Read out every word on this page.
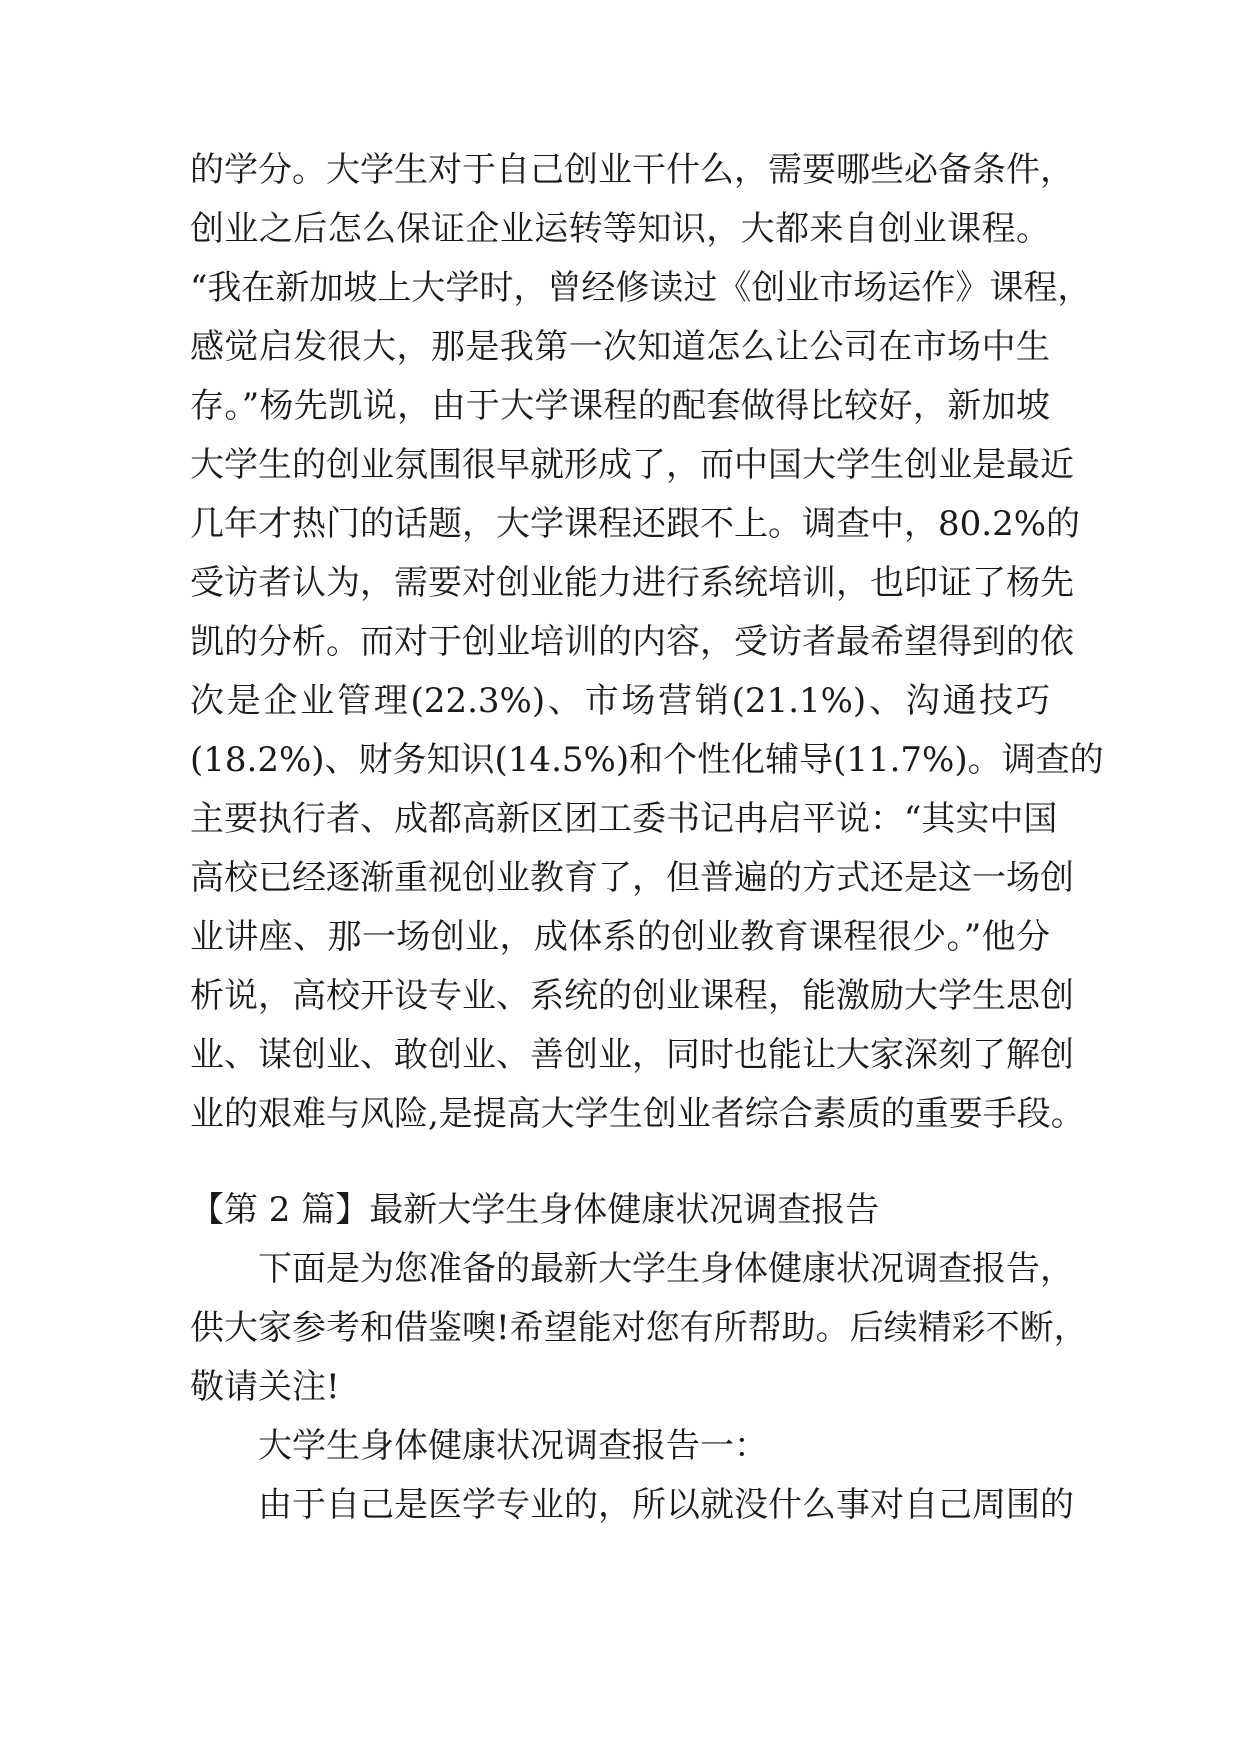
的学分。大学生对于自己创业干什么，需要哪些必备条件，
创业之后怎么保证企业运转等知识，大都来自创业课程。
“我在新加坡上大学时，曾经修读过《创业市场运作》课程，
感觉启发很大，那是我第一次知道怎么让公司在市场中生
存。”杨先凯说，由于大学课程的配套做得比较好，新加坡
大学生的创业氛围很早就形成了，而中国大学生创业是最近
几年才热门的话题，大学课程还跟不上。调查中，80.2%的
受访者认为，需要对创业能力进行系统培训，也印证了杨先
凯的分析。而对于创业培训的内容，受访者最希望得到的依
次是企业管理(22.3%)、市场营销(21.1%)、沟通技巧
(18.2%)、财务知识(14.5%)和个性化辅导(11.7%)。调查的
主要执行者、成都高新区团工委书记冉启平说：“其实中国
高校已经逐渐重视创业教育了，但普遍的方式还是这一场创
业讲座、那一场创业，成体系的创业教育课程很少。”他分
析说，高校开设专业、系统的创业课程，能激励大学生思创
业、谋创业、敢创业、善创业，同时也能让大家深刻了解创
业的艰难与风险,是提高大学生创业者综合素质的重要手段。
【第 2 篇】最新大学生身体健康状况调查报告
下面是为您准备的最新大学生身体健康状况调查报告，
供大家参考和借鉴噢!希望能对您有所帮助。后续精彩不断，
敬请关注!
大学生身体健康状况调查报告一：
由于自己是医学专业的，所以就没什么事对自己周围的
